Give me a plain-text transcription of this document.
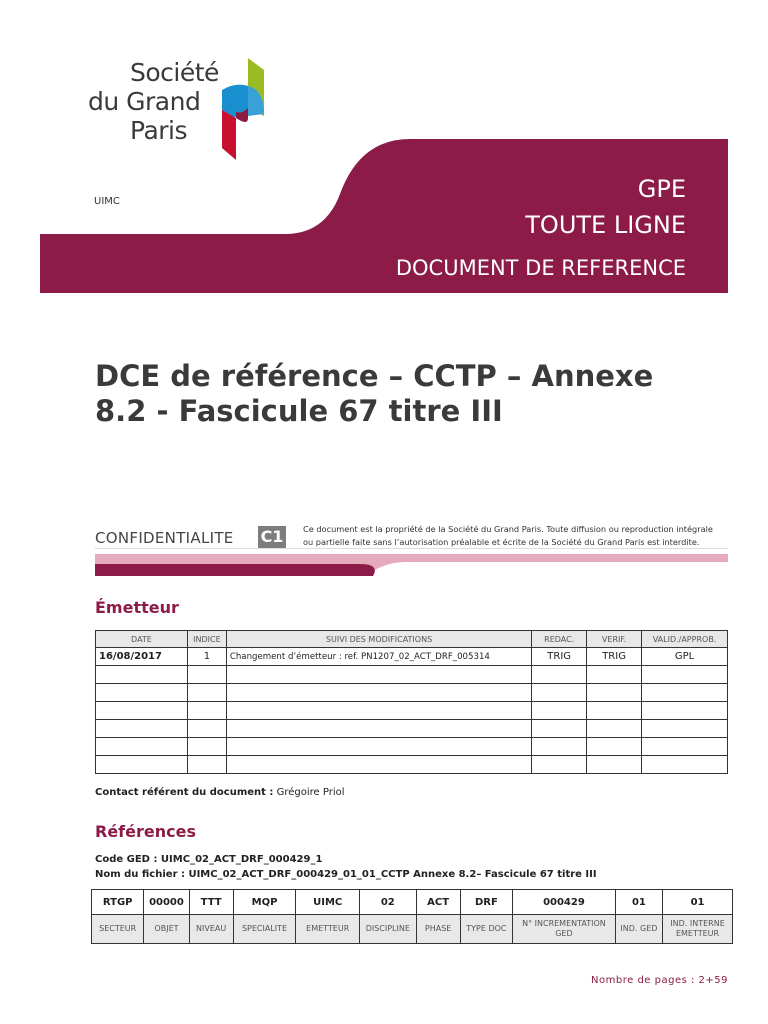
Société
du Grand
Paris
UIMC	GPE
TOUTE LIGNE
DOCUMENT DE REFERENCE
DCE de référence – CCTP – Annexe
8.2 - Fascicule 67 titre III
CONFIDENTIALITE C1	Ce document est la propriété de la Société du Grand Paris. Toute diffusion ou reproduction intégrale
ou partielle faite sans l’autorisation préalable et écrite de la Société du Grand Paris est interdite.
Émetteur
DATE	INDICE	SUIVI DES MODIFICATIONS	REDAC.	VERIF.	VALID./APPROB.
16/08/2017	1	Changement d’émetteur : ref. PN1207_02_ACT_DRF_005314	TRIG	TRIG	GPL

Contact référent du document : Grégoire Priol
Références
Code GED : UIMC_02_ACT_DRF_000429_1
Nom du fichier : UIMC_02_ACT_DRF_000429_01_01_CCTP Annexe 8.2– Fascicule 67 titre III
RTGP	00000	TTT	MQP	UIMC	02	ACT	DRF	000429	01	01
SECTEUR	OBJET	NIVEAU	SPECIALITE	EMETTEUR	DISCIPLINE	PHASE	TYPE DOC	N° INCREMENTATION GED	IND. GED	IND. INTERNE EMETTEUR
Nombre de pages : 2+59
